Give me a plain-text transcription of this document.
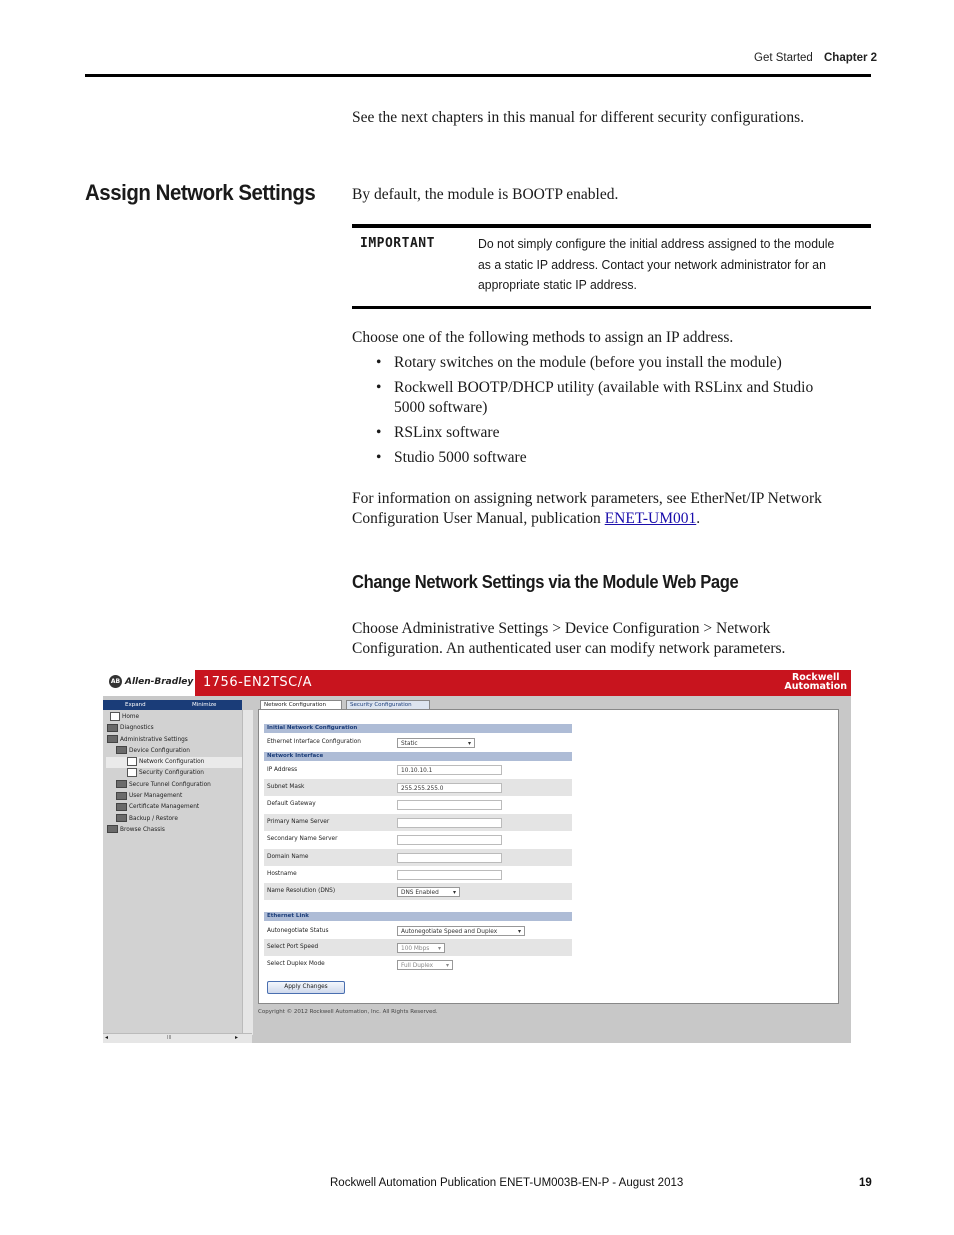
Get Started Chapter 2
See the next chapters in this manual for different security configurations.
Assign Network Settings By default, the module is BOOTP enabled.
IMPORTANT	Do not simply configure the initial address assigned to the module as a static IP address. Contact your network administrator for an appropriate static IP address.
Choose one of the following methods to assign an IP address.
• Rotary switches on the module (before you install the module)
• Rockwell BOOTP/DHCP utility (available with RSLinx and Studio 5000 software)
• RSLinx software
• Studio 5000 software
For information on assigning network parameters, see EtherNet/IP Network Configuration User Manual, publication ENET-UM001.
Change Network Settings via the Module Web Page
Choose Administrative Settings > Device Configuration > Network Configuration. An authenticated user can modify network parameters.
AB Allen-Bradley 1756-EN2TSC/A	Rockwell
Automation
Expand	Minimize
Home
Diagnostics
Administrative Settings
Device Configuration
Network Configuration
Security Configuration
Secure Tunnel Configuration
User Management
Certificate Management
Backup / Restore
Browse Chassis
III
◂	▸
Network Configuration	Security Configuration
Initial Network Configuration
Ethernet Interface Configuration	Static ▾
Network Interface
IP Address	10.10.10.1
Subnet Mask	255.255.255.0
Default Gateway
Primary Name Server
Secondary Name Server
Domain Name
Hostname
Name Resolution (DNS)	DNS Enabled ▾
Ethernet Link
Autonegotiate Status	Autonegotiate Speed and Duplex ▾
Select Port Speed	100 Mbps ▾
Select Duplex Mode	Full Duplex ▾
Apply Changes
Copyright © 2012 Rockwell Automation, Inc. All Rights Reserved.
Rockwell Automation Publication ENET-UM003B-EN-P - August 2013	19
